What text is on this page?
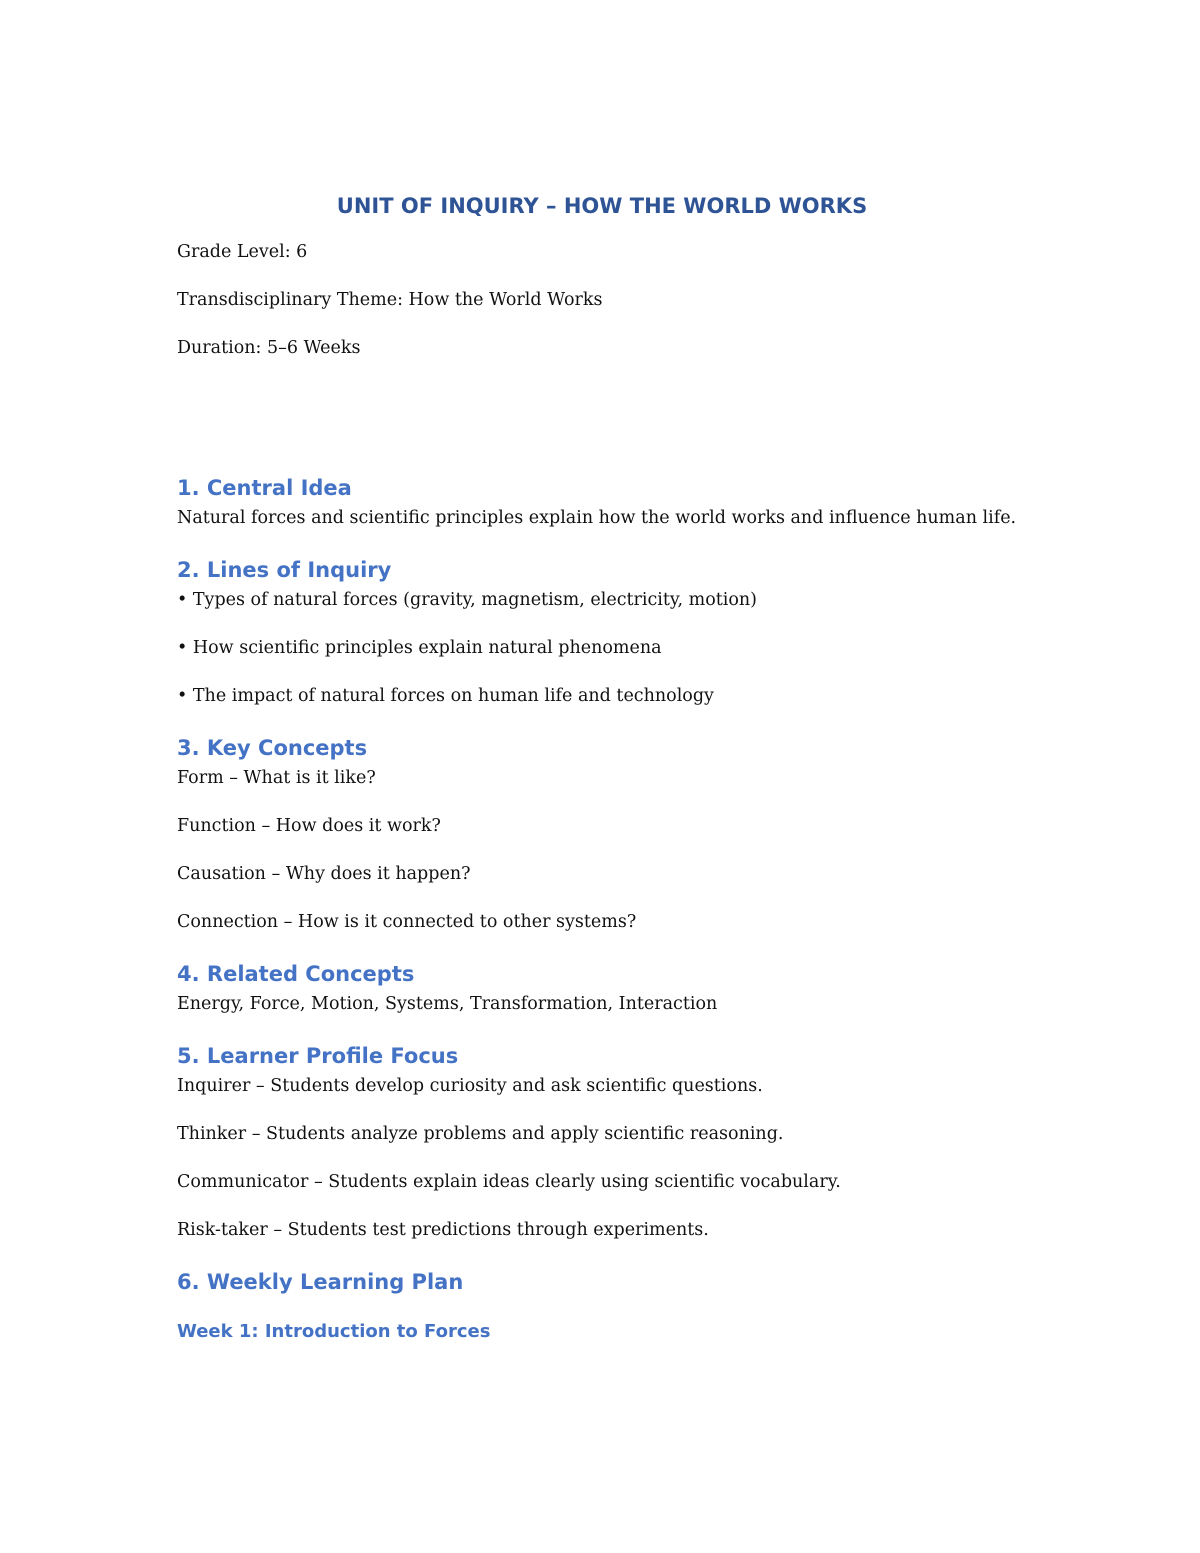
UNIT OF INQUIRY – HOW THE WORLD WORKS

Grade Level: 6

Transdisciplinary Theme: How the World Works

Duration: 5–6 Weeks

1. Central Idea

Natural forces and scientific principles explain how the world works and influence human life.

2. Lines of Inquiry

• Types of natural forces (gravity, magnetism, electricity, motion)

• How scientific principles explain natural phenomena

• The impact of natural forces on human life and technology

3. Key Concepts

Form – What is it like?

Function – How does it work?

Causation – Why does it happen?

Connection – How is it connected to other systems?

4. Related Concepts

Energy, Force, Motion, Systems, Transformation, Interaction

5. Learner Profile Focus

Inquirer – Students develop curiosity and ask scientific questions.

Thinker – Students analyze problems and apply scientific reasoning.

Communicator – Students explain ideas clearly using scientific vocabulary.

Risk-taker – Students test predictions through experiments.

6. Weekly Learning Plan
Week 1: Introduction to Forces
